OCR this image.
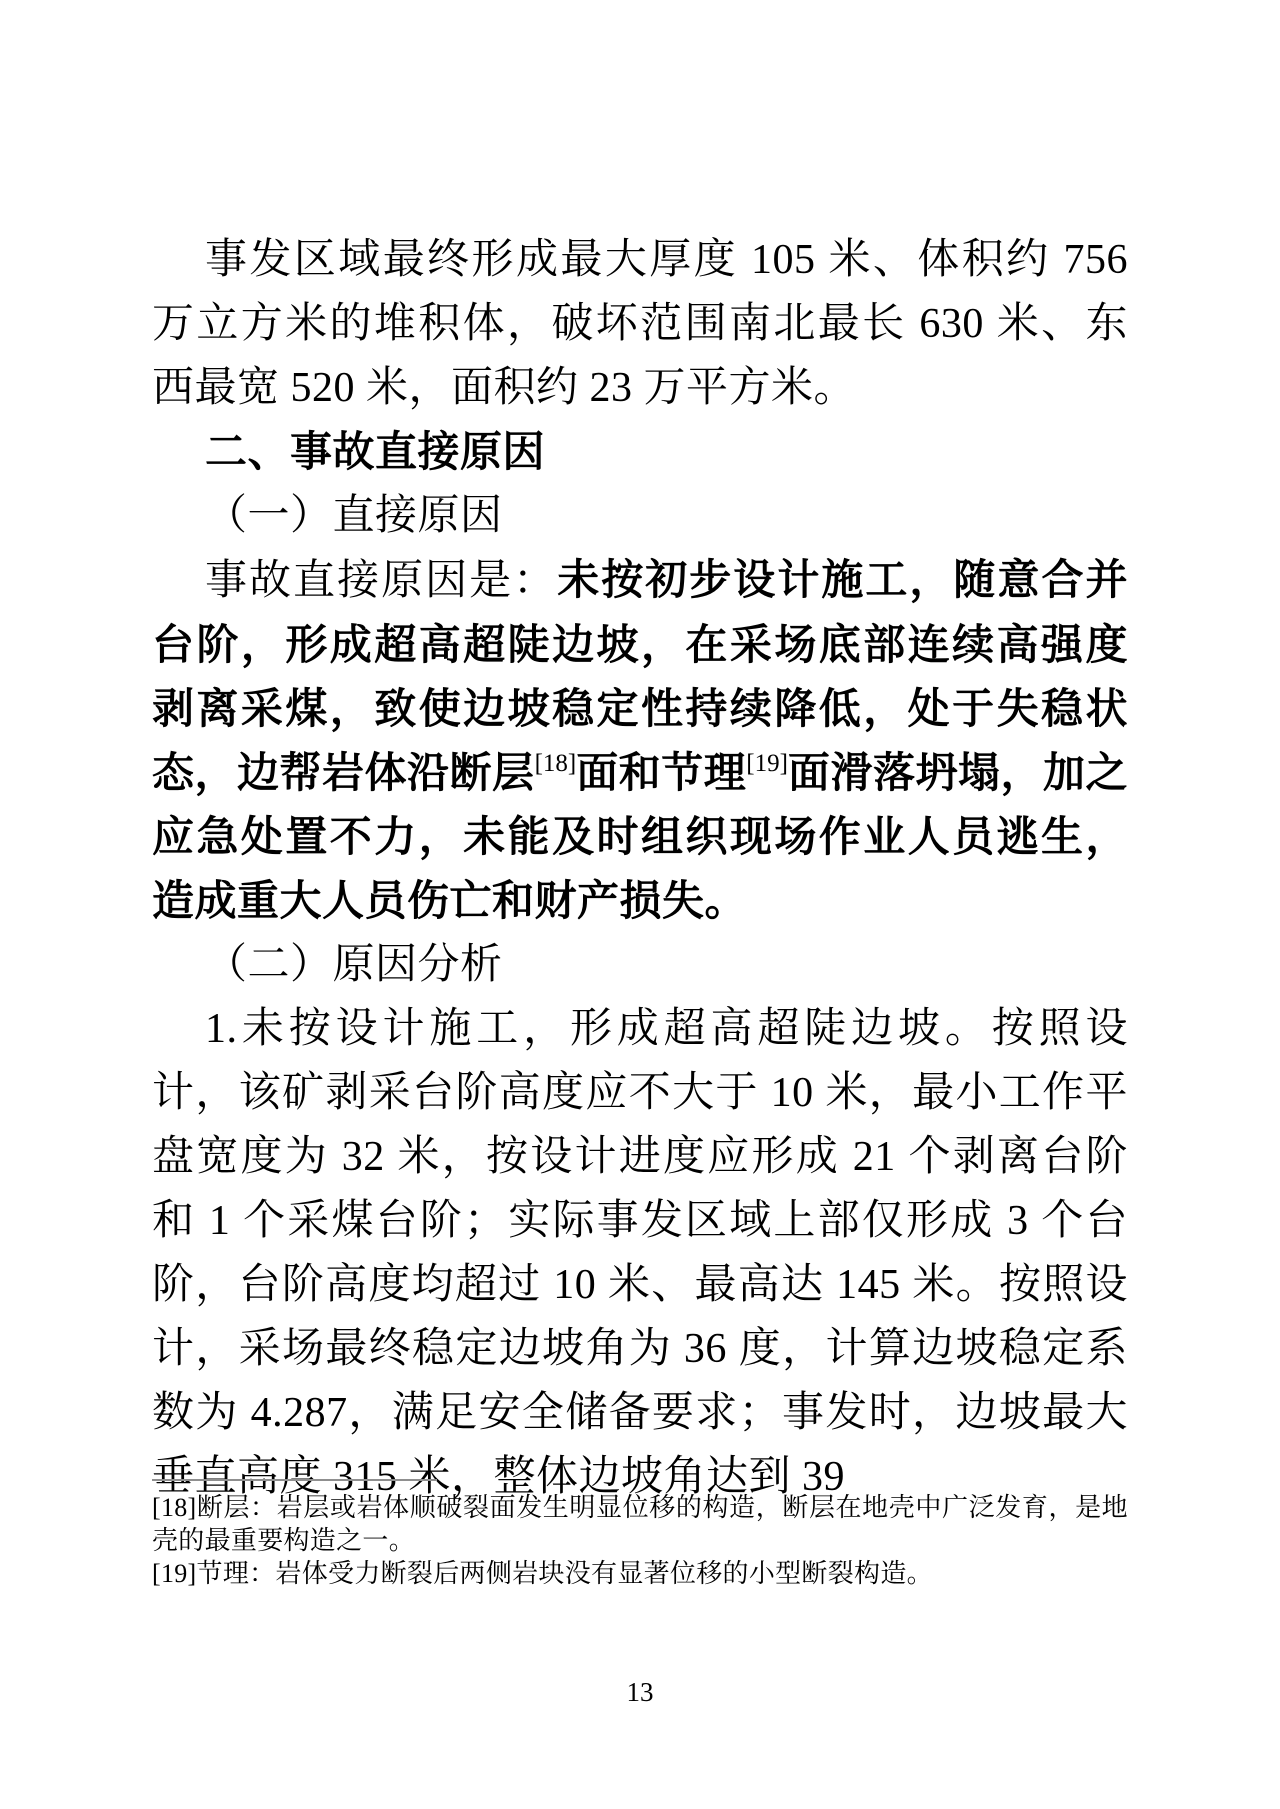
事发区域最终形成最大厚度 105 米、体积约 756 万立方米的堆积体，破坏范围南北最长 630 米、东西最宽 520 米，面积约 23 万平方米。

二、事故直接原因

（一）直接原因

事故直接原因是：未按初步设计施工，随意合并台阶，形成超高超陡边坡，在采场底部连续高强度剥离采煤，致使边坡稳定性持续降低，处于失稳状态，边帮岩体沿断层[18]面和节理[19]面滑落坍塌，加之应急处置不力，未能及时组织现场作业人员逃生，造成重大人员伤亡和财产损失。

（二）原因分析

1.未按设计施工，形成超高超陡边坡。按照设计，该矿剥采台阶高度应不大于 10 米，最小工作平盘宽度为 32 米，按设计进度应形成 21 个剥离台阶和 1 个采煤台阶；实际事发区域上部仅形成 3 个台阶，台阶高度均超过 10 米、最高达 145 米。按照设计，采场最终稳定边坡角为 36 度，计算边坡稳定系数为 4.287，满足安全储备要求；事发时，边坡最大垂直高度 315 米，整体边坡角达到 39

[18]断层：岩层或岩体顺破裂面发生明显位移的构造，断层在地壳中广泛发育，是地壳的最重要构造之一。

[19]节理：岩体受力断裂后两侧岩块没有显著位移的小型断裂构造。

13
